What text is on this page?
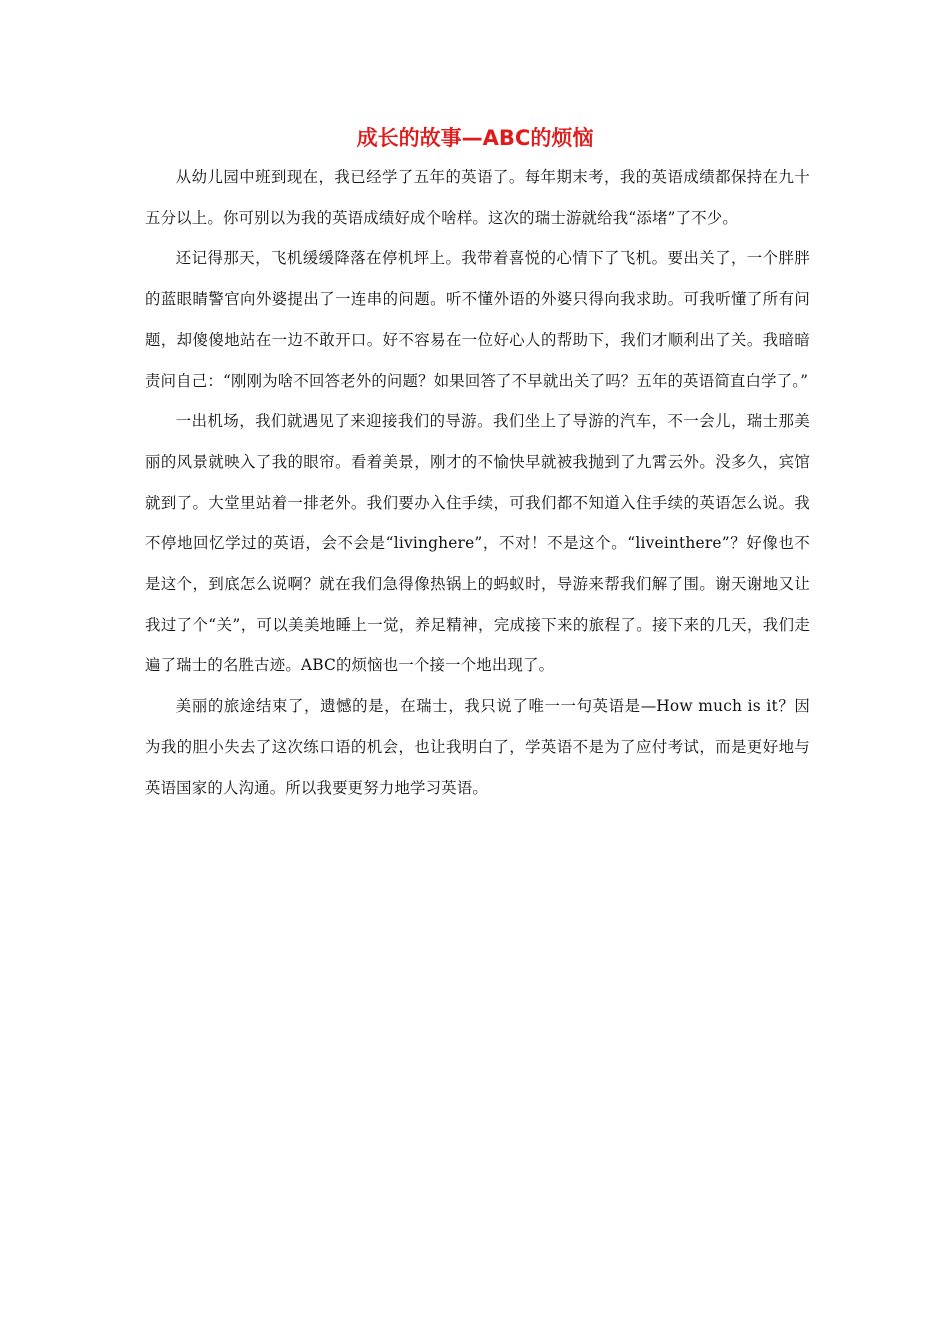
成长的故事—ABC的烦恼

从幼儿园中班到现在，我已经学了五年的英语了。每年期末考，我的英语成绩都保持在九十五分以上。你可别以为我的英语成绩好成个啥样。这次的瑞士游就给我“添堵”了不少。

还记得那天，飞机缓缓降落在停机坪上。我带着喜悦的心情下了飞机。要出关了，一个胖胖的蓝眼睛警官向外婆提出了一连串的问题。听不懂外语的外婆只得向我求助。可我听懂了所有问题，却傻傻地站在一边不敢开口。好不容易在一位好心人的帮助下，我们才顺利出了关。我暗暗责问自己：“刚刚为啥不回答老外的问题？如果回答了不早就出关了吗？五年的英语简直白学了。”

一出机场，我们就遇见了来迎接我们的导游。我们坐上了导游的汽车，不一会儿，瑞士那美丽的风景就映入了我的眼帘。看着美景，刚才的不愉快早就被我抛到了九霄云外。没多久，宾馆就到了。大堂里站着一排老外。我们要办入住手续，可我们都不知道入住手续的英语怎么说。我不停地回忆学过的英语，会不会是“livinghere”，不对！不是这个。“liveinthere”？好像也不是这个，到底怎么说啊？就在我们急得像热锅上的蚂蚁时，导游来帮我们解了围。谢天谢地又让我过了个“关”，可以美美地睡上一觉，养足精神，完成接下来的旅程了。接下来的几天，我们走遍了瑞士的名胜古迹。ABC的烦恼也一个接一个地出现了。

美丽的旅途结束了，遗憾的是，在瑞士，我只说了唯一一句英语是—How much is it？因为我的胆小失去了这次练口语的机会，也让我明白了，学英语不是为了应付考试，而是更好地与英语国家的人沟通。所以我要更努力地学习英语。
